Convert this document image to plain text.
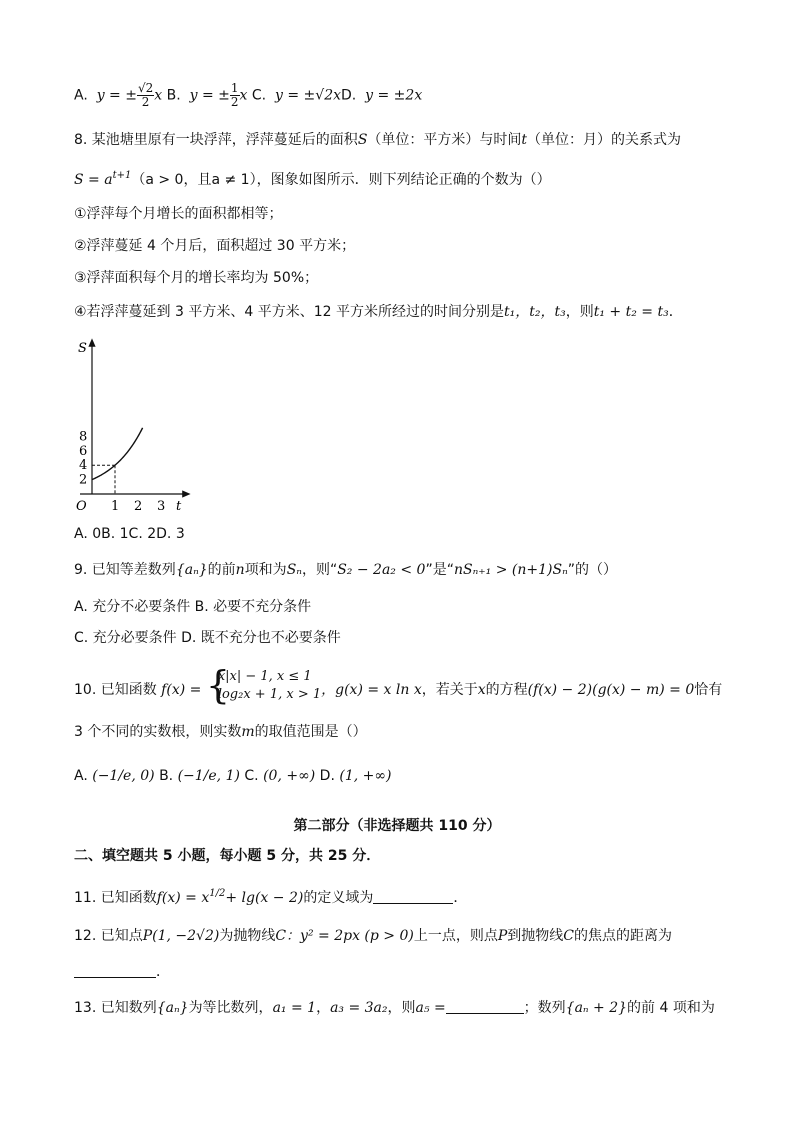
A. y = ± $\frac{√2}{2}$ x B. y = ± $\frac{1}{2}$ x C. y = ±√2xD. y = ±2x
8. 某池塘里原有一块浮萍，浮萍蔓延后的面积S（单位：平方米）与时间t（单位：月）的关系式为
$S = a^{t+1}(a > 0$，且a ≠ 1），图象如图所示．则下列结论正确的个数为（）
①浮萍每个月增长的面积都相等；
②浮萍蔓延 4 个月后，面积超过 30 平方米；
③浮萍面积每个月的增长率均为 50%；
④若浮萍蔓延到 3 平方米、4 平方米、12 平方米所经过的时间分别是t₁，t₂，t₃，则t₁ + t₂ = t₃．
S
t
O
2
4
6
8
1 2 3
A. 0B. 1C. 2D. 3
9. 已知等差数列{aₙ}的前n项和为Sₙ，则“S₂ − 2a₂ < 0”是“nSₙ₊₁ > (n+1)Sₙ”的（）
A. 充分不必要条件 B. 必要不充分条件
C. 充分必要条件 D. 既不充分也不必要条件
10. 已知函数 f(x) = {
x|x| − 1, x ≤ 1
log₂x + 1, x > 1 ，g(x) = x ln x，若关于x的方程(f(x) − 2)(g(x) − m) = 0恰有
3 个不同的实数根，则实数m的取值范围是（）
A. (−1/e, 0) B. (−1/e, 1) C. (0, +∞) D. (1, +∞)
第二部分（非选择题共 110 分）
二、填空题共 5 小题，每小题 5 分，共 25 分．
11. 已知函数$f(x) = x^{1/2}+ \lg(x - 2)$的定义域为	．
12. 已知点P(1, −2√2)为抛物线C：y² = 2px (p > 0)上一点，则点P到抛物线C的焦点的距离为
．
13. 已知数列{aₙ}为等比数列，a₁ = 1，a₃ = 3a₂，则a₅ =	；数列{aₙ + 2}的前 4 项和为
